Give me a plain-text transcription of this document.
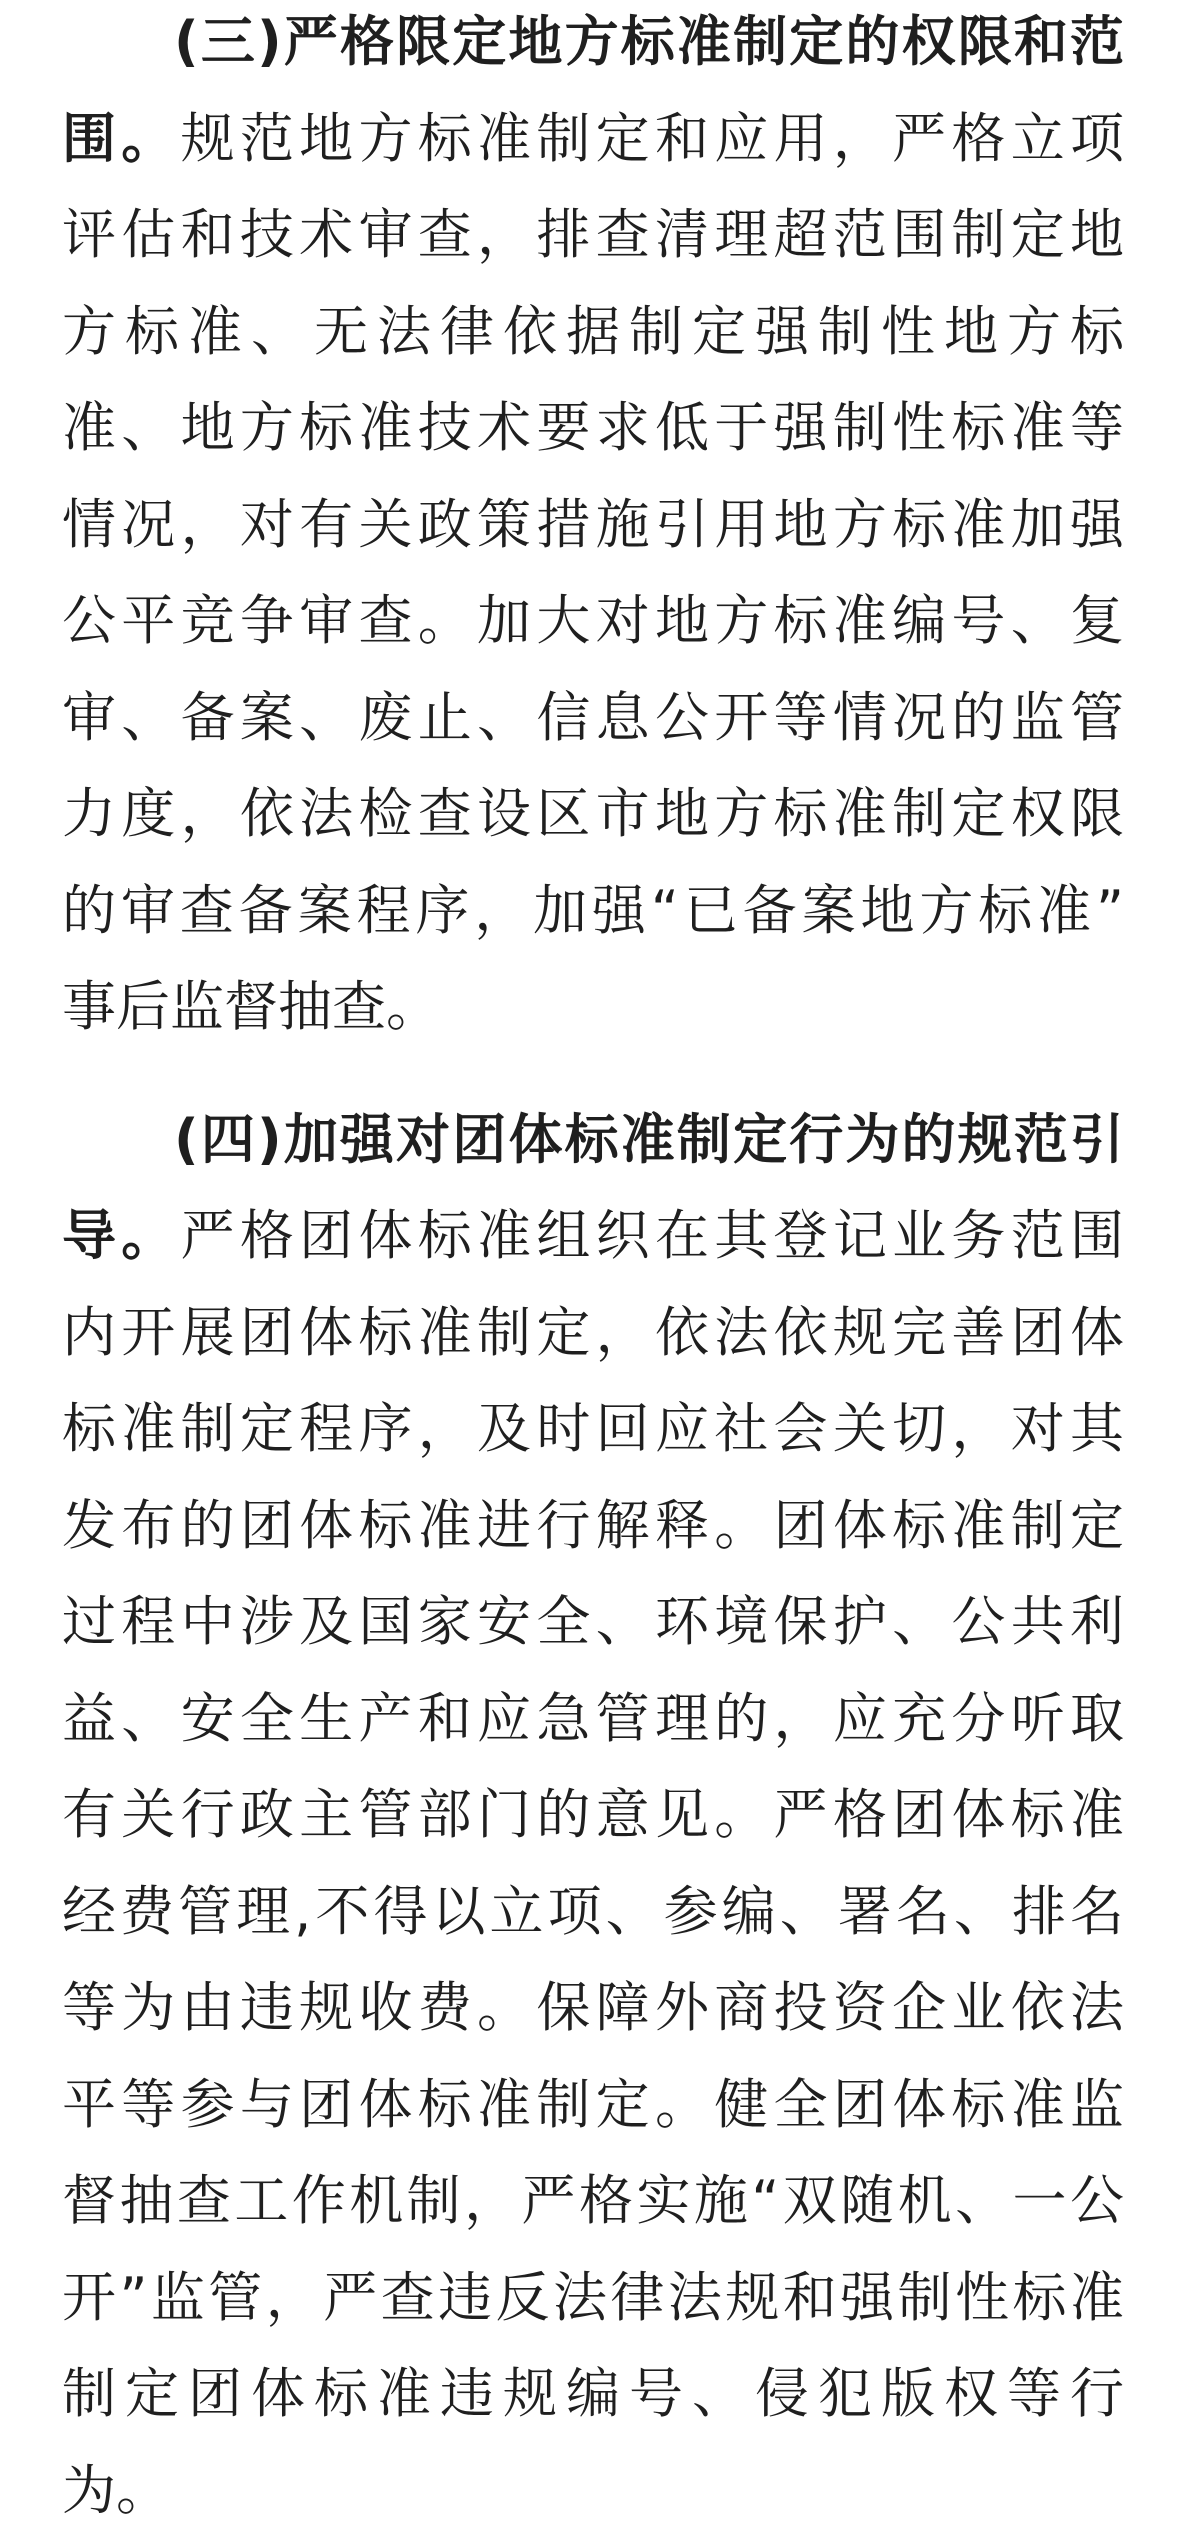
(三)严格限定地方标准制定的权限和范
围。规范地方标准制定和应用，严格立项
评估和技术审查，排查清理超范围制定地
方标准、无法律依据制定强制性地方标
准、地方标准技术要求低于强制性标准等
情况，对有关政策措施引用地方标准加强
公平竞争审查。加大对地方标准编号、复
审、备案、废止、信息公开等情况的监管
力度，依法检查设区市地方标准制定权限
的审查备案程序，加强“已备案地方标准”
事后监督抽查。
(四)加强对团体标准制定行为的规范引
导。严格团体标准组织在其登记业务范围
内开展团体标准制定，依法依规完善团体
标准制定程序，及时回应社会关切，对其
发布的团体标准进行解释。团体标准制定
过程中涉及国家安全、环境保护、公共利
益、安全生产和应急管理的，应充分听取
有关行政主管部门的意见。严格团体标准
经费管理,不得以立项、参编、署名、排名
等为由违规收费。保障外商投资企业依法
平等参与团体标准制定。健全团体标准监
督抽查工作机制，严格实施“双随机、一公
开”监管，严查违反法律法规和强制性标准
制定团体标准违规编号、侵犯版权等行
为。
